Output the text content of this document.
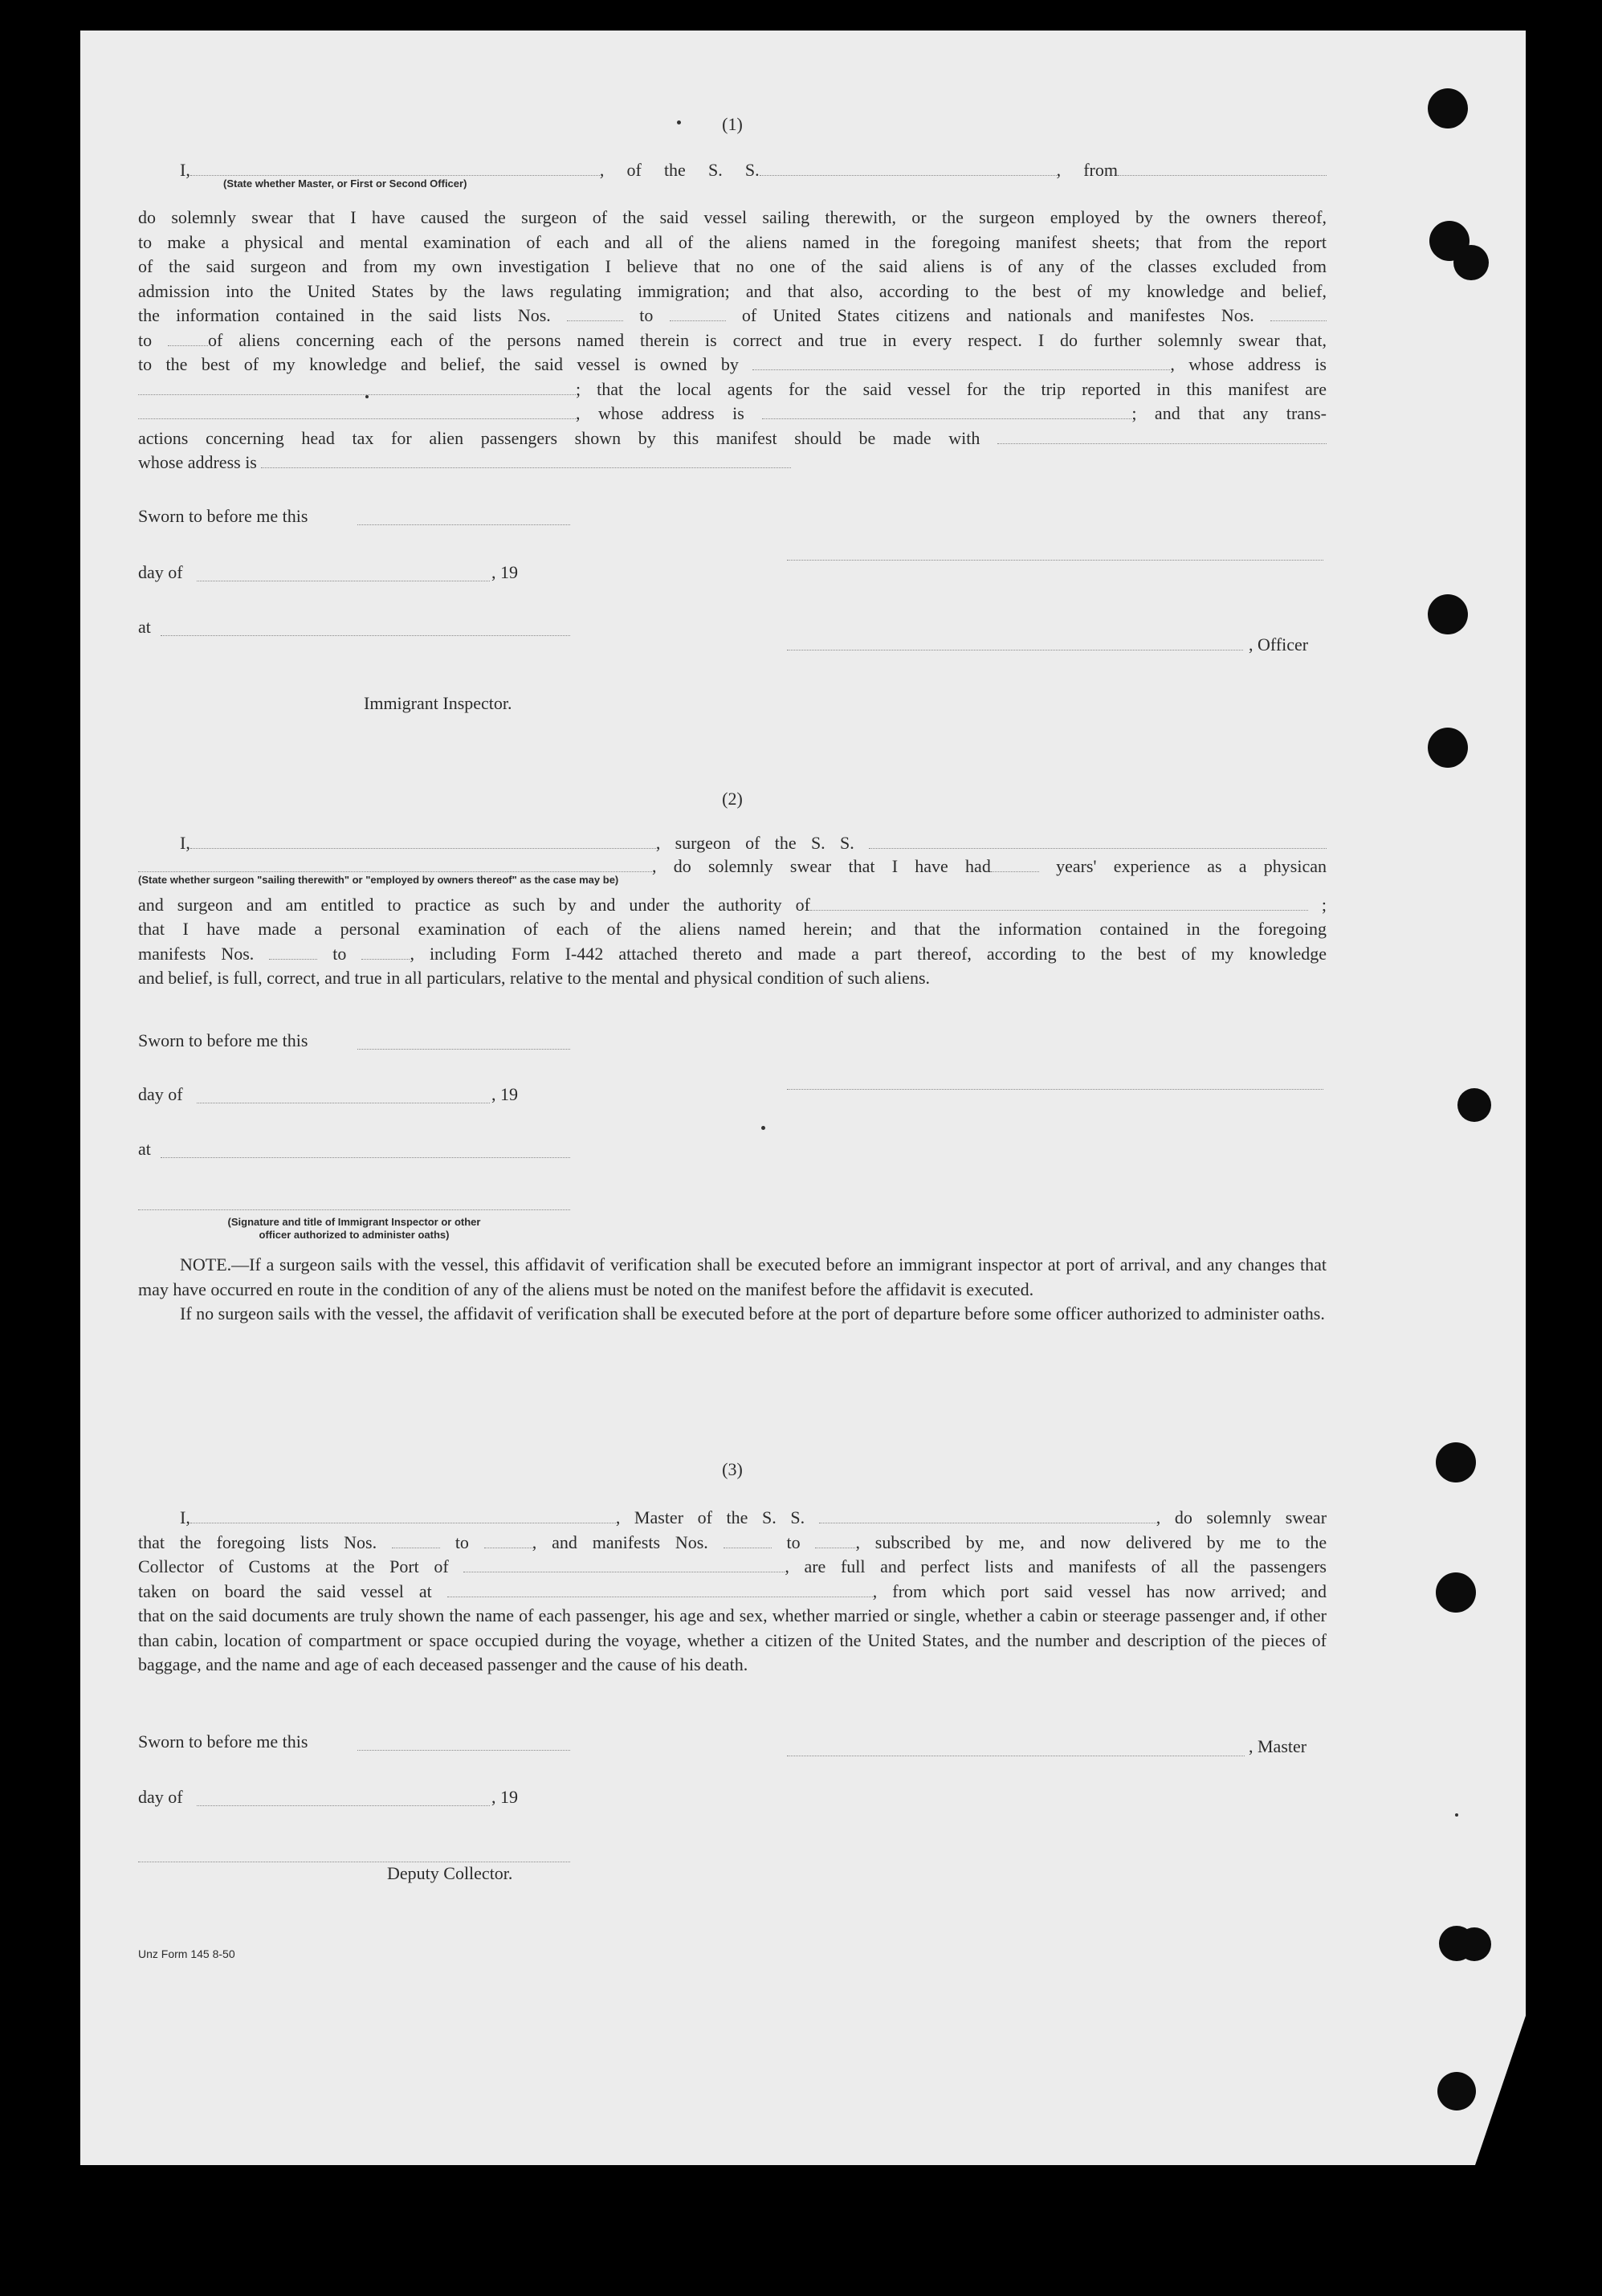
(1)
I,	, of the S. S.	, from
(State whether Master, or First or Second Officer)
do solemnly swear that I have caused the surgeon of the said vessel sailing therewith, or the surgeon employed by the owners thereof,
to make a physical and mental examination of each and all of the aliens named in the foregoing manifest sheets; that from the report
of the said surgeon and from my own investigation I believe that no one of the said aliens is of any of the classes excluded from
admission into the United States by the laws regulating immigration; and that also, according to the best of my knowledge and belief,
the information contained in the said lists Nos.	to	of United States citizens and nationals and manifestes Nos.
to	of aliens concerning each of the persons named therein is correct and true in every respect. I do further solemnly swear that,
to the best of my knowledge and belief, the said vessel is owned by	, whose address is
; that the local agents for the said vessel for the trip reported in this manifest are
, whose address is	; and that any trans-
actions concerning head tax for alien passengers shown by this manifest should be made with
whose address is
Sworn to before me this
day of	, 19
at
, Officer
Immigrant Inspector.
(2)
I,	, surgeon of the S. S.
, do solemnly swear that I have had	years' experience as a physican
(State whether surgeon "sailing therewith" or "employed by owners thereof" as the case may be)
and surgeon and am entitled to practice as such by and under the authority of	;
that I have made a personal examination of each of the aliens named herein; and that the information contained in the foregoing
manifests Nos.	to	, including Form I-442 attached thereto and made a part thereof, according to the best of my knowledge
and belief, is full, correct, and true in all particulars, relative to the mental and physical condition of such aliens.
Sworn to before me this
day of	, 19
at
(Signature and title of Immigrant Inspector or other
officer authorized to administer oaths)
NOTE.—If a surgeon sails with the vessel, this affidavit of verification shall be executed before an immigrant inspector at port of arrival, and any changes that may have occurred en route in the condition of any of the aliens must be noted on the manifest before the affidavit is executed.
If no surgeon sails with the vessel, the affidavit of verification shall be executed before at the port of departure before some officer authorized to administer oaths.
(3)
I,	, Master of the S. S.	, do solemnly swear
that the foregoing lists Nos.	to	, and manifests Nos.	to	, subscribed by me, and now delivered by me to the
Collector of Customs at the Port of	, are full and perfect lists and manifests of all the passengers
taken on board the said vessel at	, from which port said vessel has now arrived; and
that on the said documents are truly shown the name of each passenger, his age and sex, whether married or single, whether a cabin or steerage passenger and, if other than cabin, location of compartment or space occupied during the voyage, whether a citizen of the United States, and the number and description of the pieces of baggage, and the name and age of each deceased passenger and the cause of his death.
Sworn to before me this	, Master
day of	, 19
Deputy Collector.
Unz Form 145 8-50
